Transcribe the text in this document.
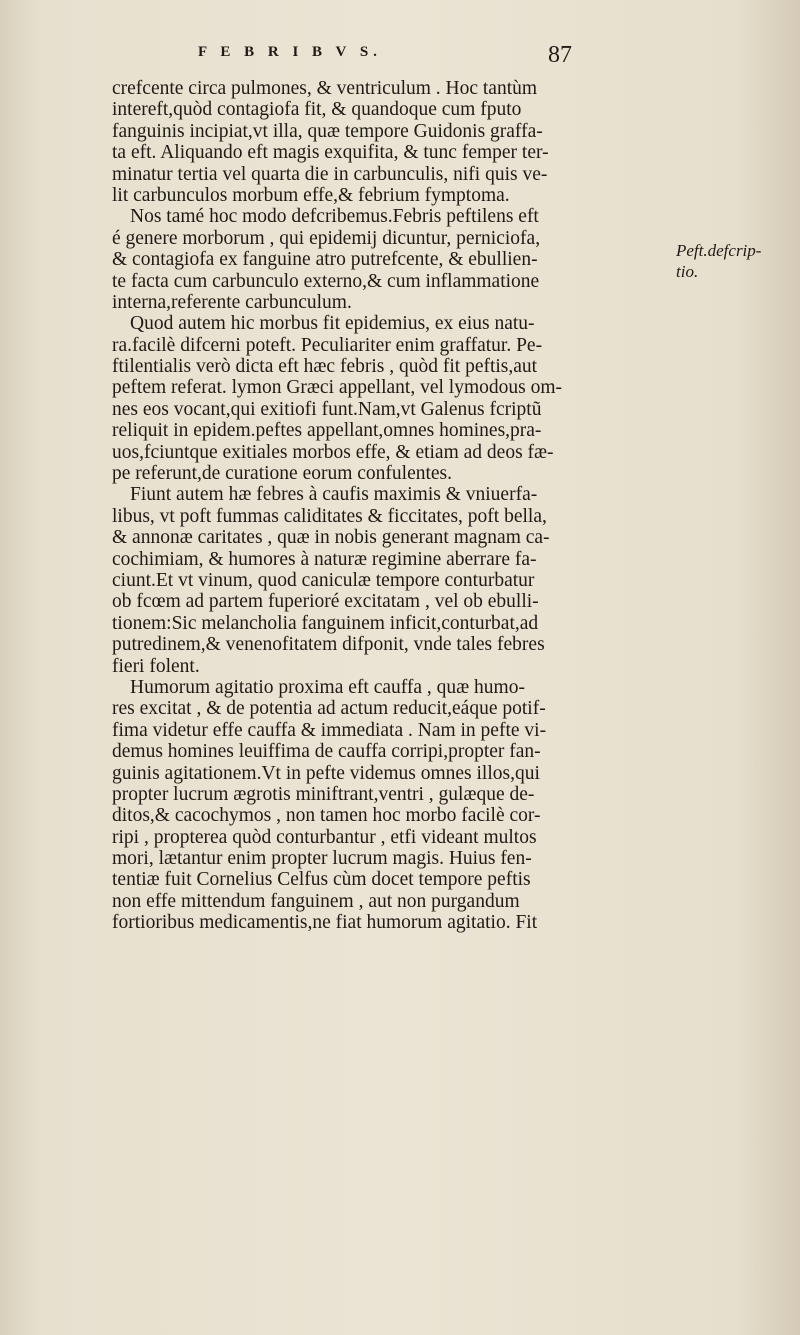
F E B R I B V S.	87
crefcente circa pulmones, & ventriculum . Hoc tantùm
intereft,quòd contagiofa fit, & quandoque cum fputo
fanguinis incipiat,vt illa, quæ tempore Guidonis graffa-
ta eft. Aliquando eft magis exquifita, & tunc femper ter-
minatur tertia vel quarta die in carbunculis, nifi quis ve-
lit carbunculos morbum effe,& febrium fymptoma.
Nos tamé hoc modo defcribemus.Febris peftilens eft
é genere morborum , qui epidemij dicuntur, perniciofa,
& contagiofa ex fanguine atro putrefcente, & ebullien-
te facta cum carbunculo externo,& cum inflammatione
interna,referente carbunculum.
Quod autem hic morbus fit epidemius, ex eius natu-
ra.facilè difcerni poteft. Peculiariter enim graffatur. Pe-
ftilentialis verò dicta eft hæc febris , quòd fit peftis,aut
peftem referat. lymon Græci appellant, vel lymodous om-
nes eos vocant,qui exitiofi funt.Nam,vt Galenus fcriptũ
reliquit in epidem.peftes appellant,omnes homines,pra-
uos,fciuntque exitiales morbos effe, & etiam ad deos fæ-
pe referunt,de curatione eorum confulentes.
Fiunt autem hæ febres à caufis maximis & vniuerfa-
libus, vt poft fummas caliditates & ficcitates, poft bella,
& annonæ caritates , quæ in nobis generant magnam ca-
cochimiam, & humores à naturæ regimine aberrare fa-
ciunt.Et vt vinum, quod caniculæ tempore conturbatur
ob fcœm ad partem fuperioré excitatam , vel ob ebulli-
tionem:Sic melancholia fanguinem inficit,conturbat,ad
putredinem,& venenofitatem difponit, vnde tales febres
fieri folent.
Humorum agitatio proxima eft cauffa , quæ humo-
res excitat , & de potentia ad actum reducit,eáque potif-
fima videtur effe cauffa & immediata . Nam in pefte vi-
demus homines leuiffima de cauffa corripi,propter fan-
guinis agitationem.Vt in pefte videmus omnes illos,qui
propter lucrum ægrotis miniftrant,ventri , gulæque de-
ditos,& cacochymos , non tamen hoc morbo facilè cor-
ripi , propterea quòd conturbantur , etfi videant multos
mori, lætantur enim propter lucrum magis. Huius fen-
tentiæ fuit Cornelius Celfus cùm docet tempore peftis
non effe mittendum fanguinem , aut non purgandum
fortioribus medicamentis,ne fiat humorum agitatio. Fit
Peft.defcrip-
tio.
